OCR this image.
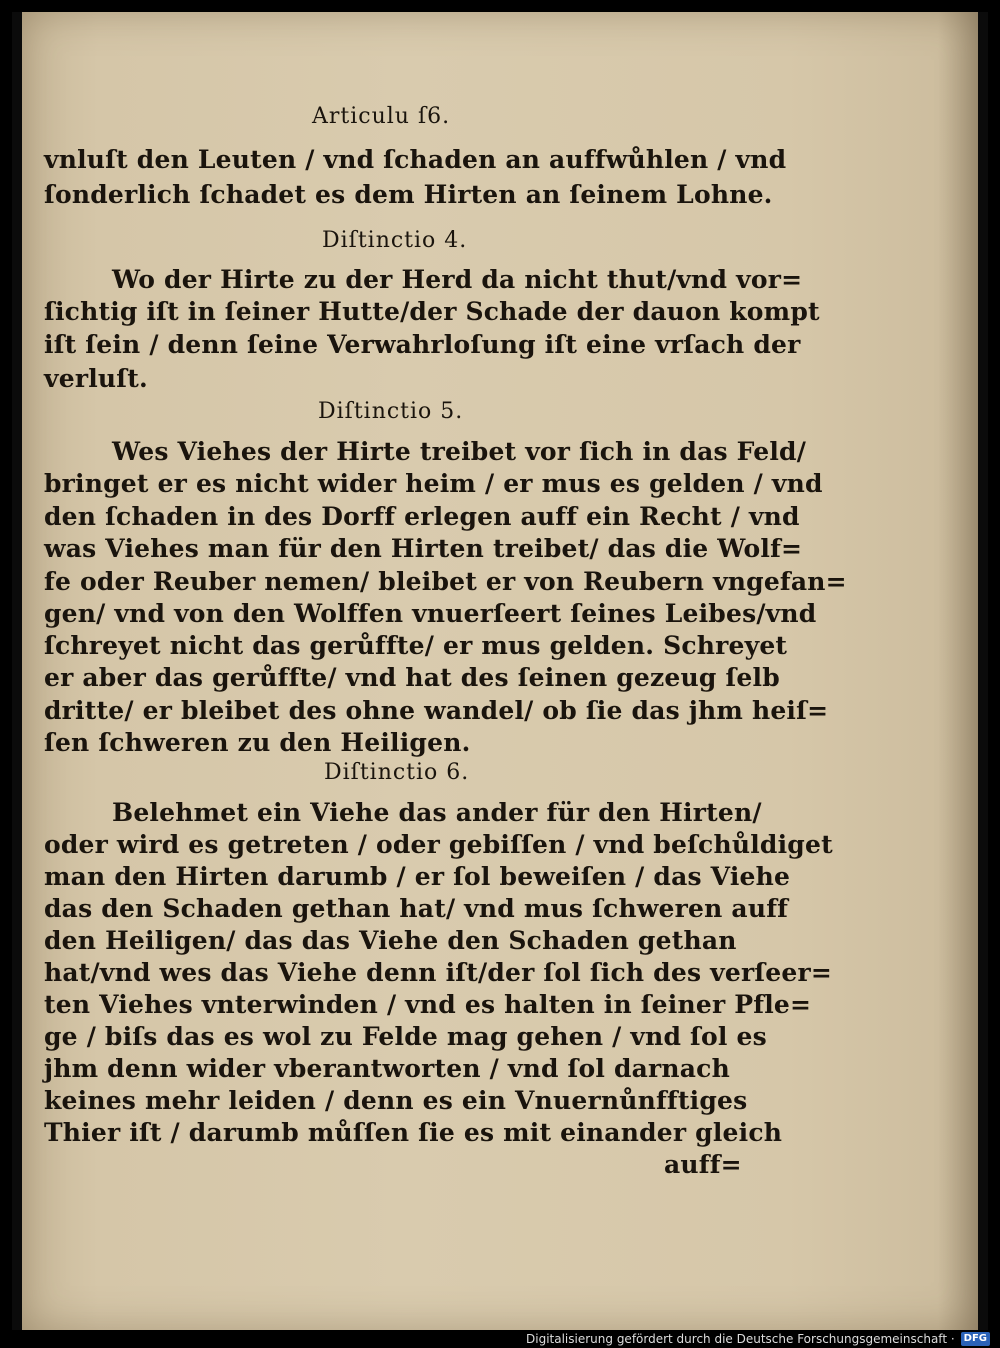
Articulu ſ6.
vnluſt den Leuten / vnd ſchaden an auffwůhlen / vnd
ſonderlich ſchadet es dem Hirten an ſeinem Lohne.
Diſtinctio 4.
Wo der Hirte zu der Herd da nicht thut/vnd vor=
ſichtig iſt in ſeiner Hutte/der Schade der dauon kompt
iſt ſein / denn ſeine Verwahrloſung iſt eine vrſach der
verluſt.
Diſtinctio 5.
Wes Viehes der Hirte treibet vor ſich in das Feld/
bringet er es nicht wider heim / er mus es gelden / vnd
den ſchaden in des Dorff erlegen auff ein Recht / vnd
was Viehes man für den Hirten treibet/ das die Wolf=
fe oder Reuber nemen/ bleibet er von Reubern vngefan=
gen/ vnd von den Wolffen vnuerſeert ſeines Leibes/vnd
ſchreyet nicht das gerůffte/ er mus gelden. Schreyet
er aber das gerůffte/ vnd hat des ſeinen gezeug ſelb
dritte/ er bleibet des ohne wandel/ ob ſie das jhm heiſ=
ſen ſchweren zu den Heiligen.
Diſtinctio 6.
Belehmet ein Viehe das ander für den Hirten/
oder wird es getreten / oder gebiſſen / vnd beſchůldiget
man den Hirten darumb / er ſol beweiſen / das Viehe
das den Schaden gethan hat/ vnd mus ſchweren auff
den Heiligen/ das das Viehe den Schaden gethan
hat/vnd wes das Viehe denn iſt/der ſol ſich des verſeer=
ten Viehes vnterwinden / vnd es halten in ſeiner Pfle=
ge / biſs das es wol zu Felde mag gehen / vnd ſol es
jhm denn wider vberantworten / vnd ſol darnach
keines mehr leiden / denn es ein Vnuernůnfftiges
Thier iſt / darumb můſſen ſie es mit einander gleich
auff=
Digitalisierung gefördert durch die Deutsche Forschungsgemeinschaft · DFG
